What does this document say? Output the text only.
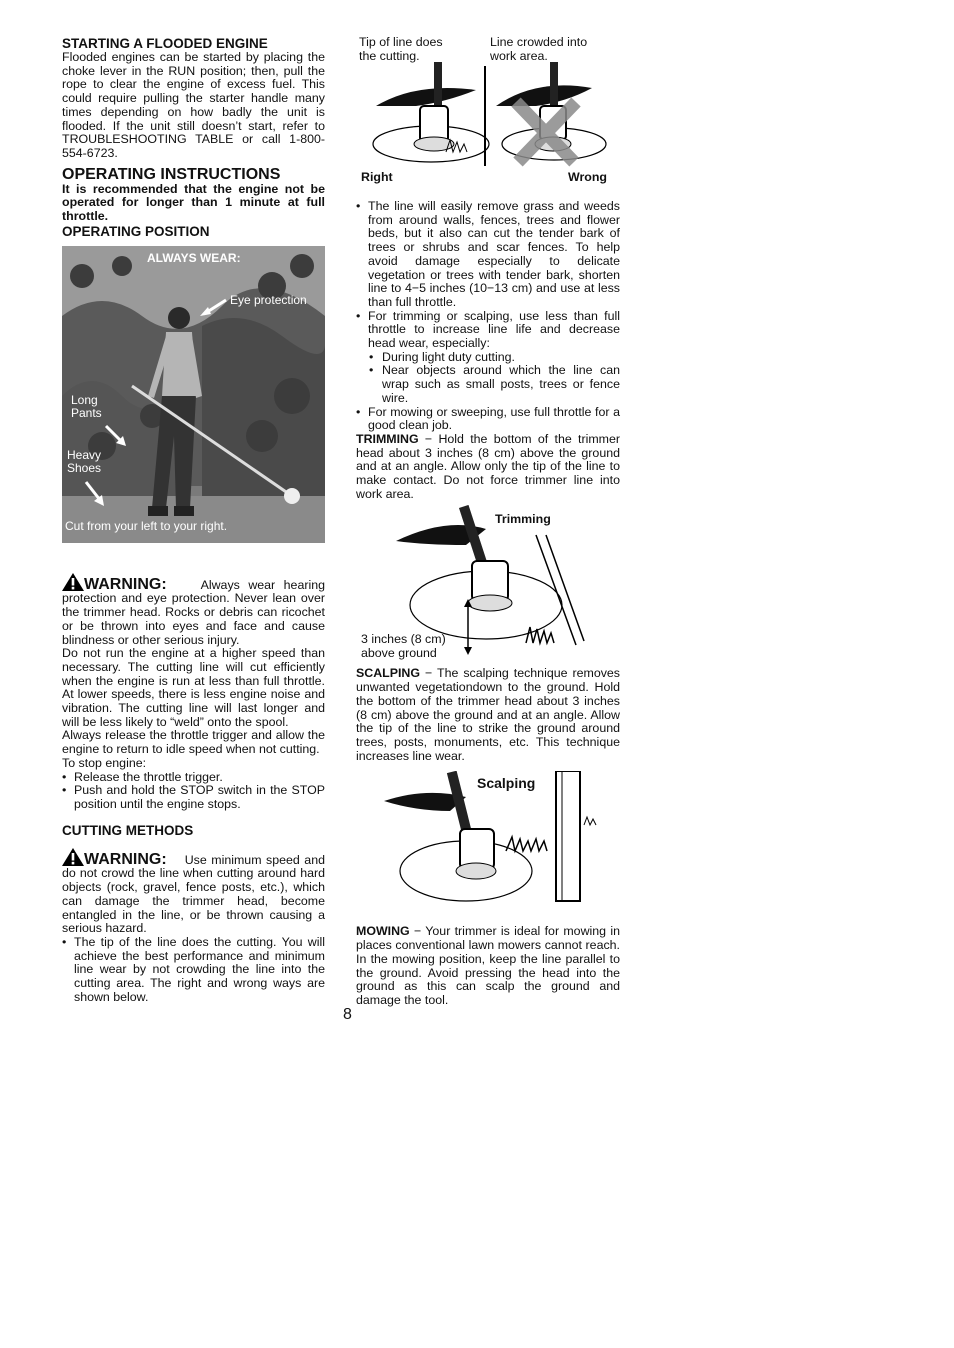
STARTING A FLOODED ENGINE

Flooded engines can be started by placing the choke lever in the RUN position; then, pull the rope to clear the engine of excess fuel. This could require pulling the starter handle many times depending on how badly the unit is flooded. If the unit still doesn’t start, refer to TROUBLESHOOTING TABLE or call 1-800-554-6723.

OPERATING INSTRUCTIONS

It is recommended that the engine not be operated for longer than 1 minute at full throttle.

OPERATING POSITION
ALWAYS WEAR:
Eye protection
Long
Pants
Heavy
Shoes
Cut from your left to your right.
WARNING:	Always wear hearing protection and eye protection. Never lean over the trimmer head. Rocks or debris can ricochet or be thrown into eyes and face and cause blindness or other serious injury.

Do not run the engine at a higher speed than necessary. The cutting line will cut efficiently when the engine is run at less than full throttle. At lower speeds, there is less engine noise and vibration. The cutting line will last longer and will be less likely to “weld” onto the spool.

Always release the throttle trigger and allow the engine to return to idle speed when not cutting.

To stop engine:

• Release the throttle trigger.
• Push and hold the STOP switch in the STOP position until the engine stops.
CUTTING METHODS
WARNING: Use minimum speed and do not crowd the line when cutting around hard objects (rock, gravel, fence posts, etc.), which can damage the trimmer head, become entangled in the line, or be thrown causing a serious hazard.
• The tip of the line does the cutting. You will achieve the best performance and minimum line wear by not crowding the line into the cutting area. The right and wrong ways are shown below.
Tip of line does
the cutting.
Line crowded into
work area.
Right	Wrong
• The line will easily remove grass and weeds from around walls, fences, trees and flower beds, but it also can cut the tender bark of trees or shrubs and scar fences. To help avoid damage especially to delicate vegetation or trees with tender bark, shorten line to 4−5 inches (10−13 cm) and use at less than full throttle.
• For trimming or scalping, use less than full throttle to increase line life and decrease head wear, especially:
• During light duty cutting.
• Near objects around which the line can wrap such as small posts, trees or fence wire.
• For mowing or sweeping, use full throttle for a good clean job.

TRIMMING − Hold the bottom of the trimmer head about 3 inches (8 cm) above the ground and at an angle. Allow only the tip of the line to make contact. Do not force trimmer line into work area.

Trimming
3 inches (8 cm)
above ground

SCALPING − The scalping technique removes unwanted vegetationdown to the ground. Hold the bottom of the trimmer head about 3 inches (8 cm) above the ground and at an angle. Allow the tip of the line to strike the ground around trees, posts, monuments, etc. This technique increases line wear.

Scalping

MOWING − Your trimmer is ideal for mowing in places conventional lawn mowers cannot reach. In the mowing position, keep the line parallel to the ground. Avoid pressing the head into the ground as this can scalp the ground and damage the tool.

8
